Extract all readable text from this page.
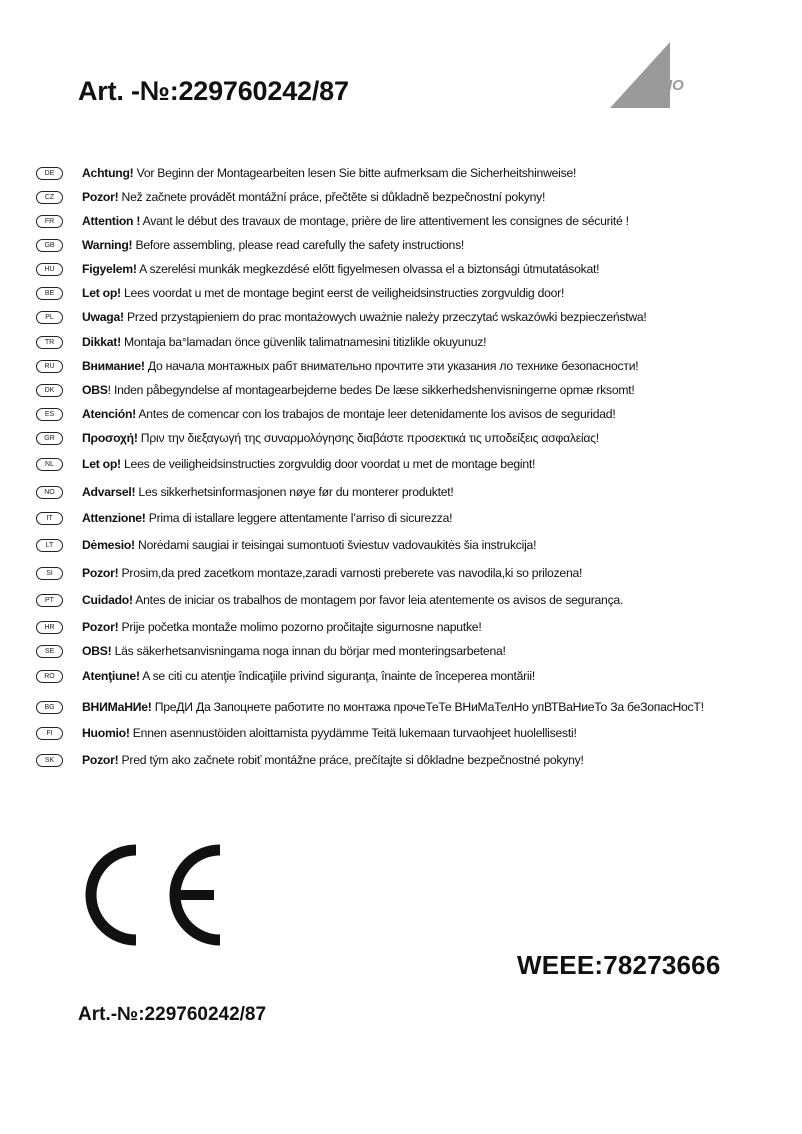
Art. -№:229760242/87	TRIO
DE	Achtung! Vor Beginn der Montagearbeiten lesen Sie bitte aufmerksam die Sicherheitshinweise!
CZ	Pozor! Než začnete provádět montážní práce, přečtěte si důkladně bezpečnostní pokyny!
FR	Attention ! Avant le début des travaux de montage, prière de lire attentivement les consignes de sécurité !
GB	Warning! Before assembling, please read carefully the safety instructions!
HU	Figyelem! A szerelési munkák megkezdésé előtt figyelmesen olvassa el a biztonsági útmutatásokat!
BE	Let op! Lees voordat u met de montage begint eerst de veiligheidsinstructies zorgvuldig door!
PL	Uwaga! Przed przystąpieniem do prac montażowych uważnie należy przeczytać wskazówki bezpieczeństwa!
TR	Dikkat! Montaja ba°lamadan önce güvenlik talimatnamesini titizlikle okuyunuz!
RU	Внимание! До начала монтажных рабт внимательно прочтите эти указания ло технике безопасности!
DK	OBS! Inden påbegyndelse af montagearbejderne bedes De læse sikkerhedshenvisningerne opmæ rksomt!
ES	Atención! Antes de comencar con los trabajos de montaje leer detenidamente los avisos de seguridad!
GR	Προσοχή! Πριν την διεξαγωγή της συναρμολόγησης διαβάστε προσεκτικά τις υποδείξεις ασφαλείας!
NL	Let op! Lees de veiligheidsinstructies zorgvuldig door voordat u met de montage begint!
NO	Advarsel! Les sikkerhetsinformasjonen nøye før du monterer produktet!
IT	Attenzione! Prima di istallare leggere attentamente l’arriso di sicurezza!
LT	Dėmesio! Norėdami saugiai ir teisingai sumontuoti šviestuv vadovaukitės šia instrukcija!
SI	Pozor! Prosim,da pred zacetkom montaze,zaradi varnosti preberete vas navodila,ki so prilozena!
PT	Cuidado! Antes de iniciar os trabalhos de montagem por favor leia atentemente os avisos de segurança.
HR	Pozor! Prije početka montaže molimo pozorno pročitajte sigurnosne naputke!
SE	OBS! Läs säkerhetsanvisningama noga innan du börjar med monteringsarbetena!
RO	Atenţiune! A se citi cu atenţie îndicaţiile privind siguranţa, înainte de începerea montării!
BG	ВНИМаНИе! ПреДИ Да Запоцнете работите по монтажа прочеТеТе ВНиМаТелНо упВТВаНиеТо За беЗопасНосТ!
FI	Huomio! Ennen asennustöiden aloittamista pyydämme Teitä lukemaan turvaohjeet huolellisesti!
SK	Pozor! Pred tým ako začnete robiť montážne práce, prečítajte si dôkladne bezpečnostné pokyny!
WEEE:78273666
Art.-№:229760242/87
